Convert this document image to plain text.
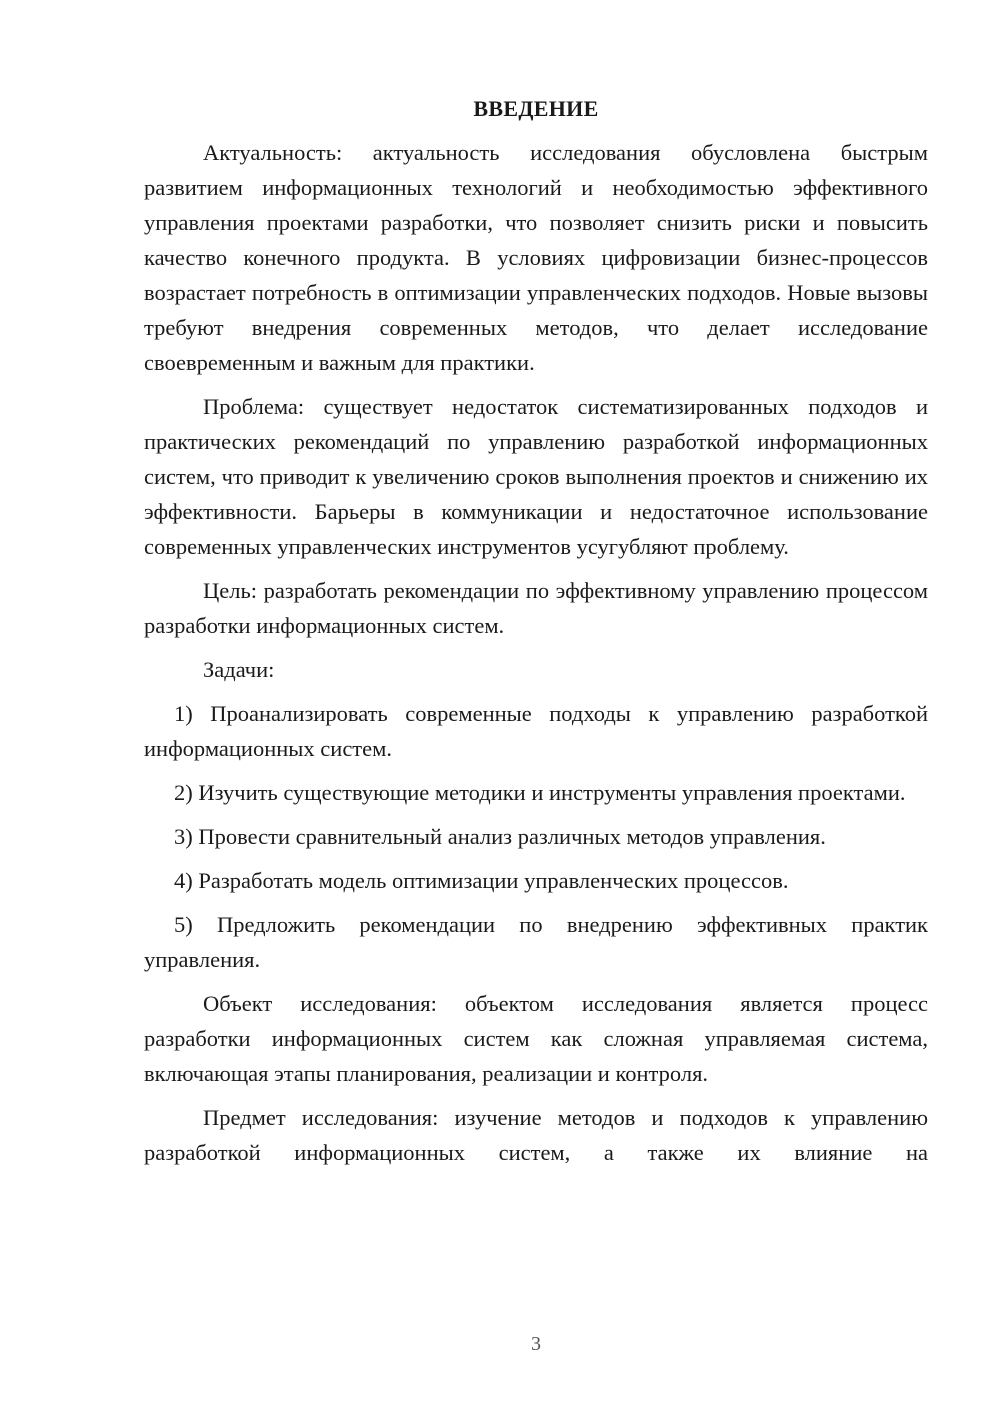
ВВЕДЕНИЕ

Актуальность: актуальность исследования обусловлена быстрым развитием информационных технологий и необходимостью эффективного управления проектами разработки, что позволяет снизить риски и повысить качество конечного продукта. В условиях цифровизации бизнес-процессов возрастает потребность в оптимизации управленческих подходов. Новые вызовы требуют внедрения современных методов, что делает исследование своевременным и важным для практики.

Проблема: существует недостаток систематизированных подходов и практических рекомендаций по управлению разработкой информационных систем, что приводит к увеличению сроков выполнения проектов и снижению их эффективности. Барьеры в коммуникации и недостаточное использование современных управленческих инструментов усугубляют проблему.

Цель: разработать рекомендации по эффективному управлению процессом разработки информационных систем.

Задачи:

1) Проанализировать современные подходы к управлению разработкой информационных систем.

2) Изучить существующие методики и инструменты управления проектами.

3) Провести сравнительный анализ различных методов управления.

4) Разработать модель оптимизации управленческих процессов.

5) Предложить рекомендации по внедрению эффективных практик управления.

Объект исследования: объектом исследования является процесс разработки информационных систем как сложная управляемая система, включающая этапы планирования, реализации и контроля.

Предмет исследования: изучение методов и подходов к управлению разработкой информационных систем, а также их влияние на

3
